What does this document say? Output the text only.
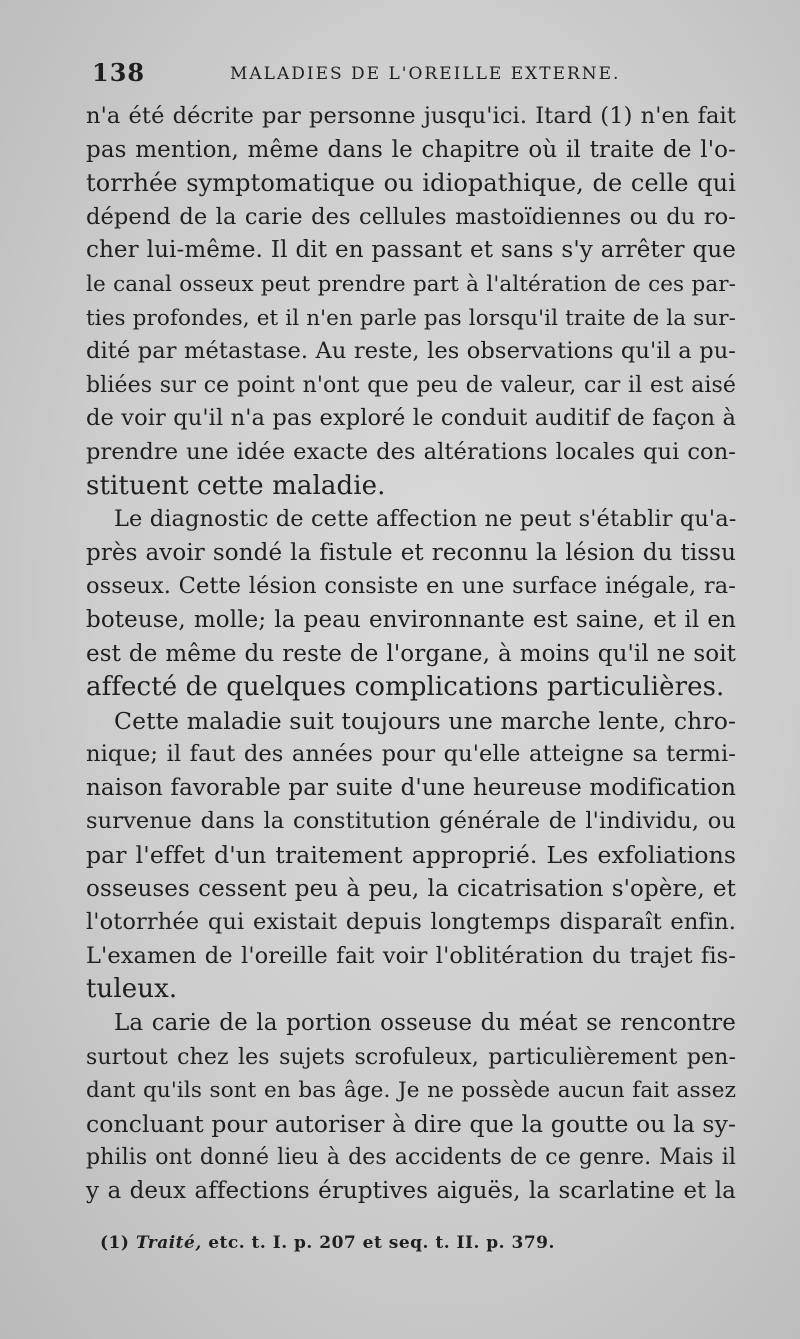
138	MALADIES DE L'OREILLE EXTERNE.
n'a été décrite par personne jusqu'ici. Itard (1) n'en fait
pas mention, même dans le chapitre où il traite de l'o-
torrhée symptomatique ou idiopathique, de celle qui
dépend de la carie des cellules mastoïdiennes ou du ro-
cher lui-même. Il dit en passant et sans s'y arrêter que
le canal osseux peut prendre part à l'altération de ces par-
ties profondes, et il n'en parle pas lorsqu'il traite de la sur-
dité par métastase. Au reste, les observations qu'il a pu-
bliées sur ce point n'ont que peu de valeur, car il est aisé
de voir qu'il n'a pas exploré le conduit auditif de façon à
prendre une idée exacte des altérations locales qui con-
stituent cette maladie.
Le diagnostic de cette affection ne peut s'établir qu'a-
près avoir sondé la fistule et reconnu la lésion du tissu
osseux. Cette lésion consiste en une surface inégale, ra-
boteuse, molle; la peau environnante est saine, et il en
est de même du reste de l'organe, à moins qu'il ne soit
affecté de quelques complications particulières.
Cette maladie suit toujours une marche lente, chro-
nique; il faut des années pour qu'elle atteigne sa termi-
naison favorable par suite d'une heureuse modification
survenue dans la constitution générale de l'individu, ou
par l'effet d'un traitement approprié. Les exfoliations
osseuses cessent peu à peu, la cicatrisation s'opère, et
l'otorrhée qui existait depuis longtemps disparaît enfin.
L'examen de l'oreille fait voir l'oblitération du trajet fis-
tuleux.
La carie de la portion osseuse du méat se rencontre
surtout chez les sujets scrofuleux, particulièrement pen-
dant qu'ils sont en bas âge. Je ne possède aucun fait assez
concluant pour autoriser à dire que la goutte ou la sy-
philis ont donné lieu à des accidents de ce genre. Mais il
y a deux affections éruptives aiguës, la scarlatine et la
(1) Traité, etc. t. I. p. 207 et seq. t. II. p. 379.
